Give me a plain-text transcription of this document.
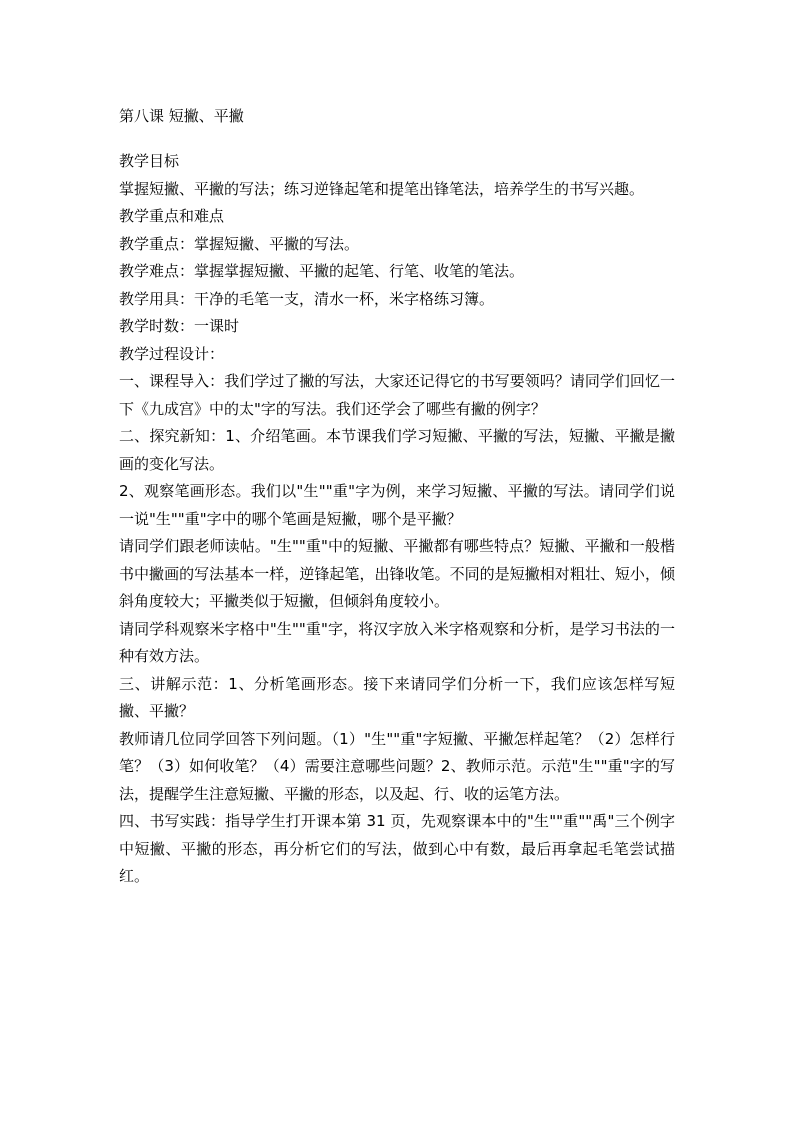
第八课 短撇、平撇

教学目标

掌握短撇、平撇的写法；练习逆锋起笔和提笔出锋笔法，培养学生的书写兴趣。

教学重点和难点

教学重点：掌握短撇、平撇的写法。

教学难点：掌握掌握短撇、平撇的起笔、行笔、收笔的笔法。

教学用具：干净的毛笔一支，清水一杯，米字格练习簿。

教学时数：一课时

教学过程设计：

一、课程导入：我们学过了撇的写法，大家还记得它的书写要领吗？请同学们回忆一下《九成宫》中的太"字的写法。我们还学会了哪些有撇的例字？

二、探究新知：1、介绍笔画。本节课我们学习短撇、平撇的写法，短撇、平撇是撇画的变化写法。

2、观察笔画形态。我们以"生""重"字为例，来学习短撇、平撇的写法。请同学们说一说"生""重"字中的哪个笔画是短撇，哪个是平撇？

请同学们跟老师读帖。"生""重"中的短撇、平撇都有哪些特点？短撇、平撇和一般楷书中撇画的写法基本一样，逆锋起笔，出锋收笔。不同的是短撇相对粗壮、短小，倾斜角度较大；平撇类似于短撇，但倾斜角度较小。

请同学科观察米字格中"生""重"字，将汉字放入米字格观察和分析，是学习书法的一种有效方法。

三、讲解示范：1、分析笔画形态。接下来请同学们分析一下，我们应该怎样写短撇、平撇？

教师请几位同学回答下列问题。（1）"生""重"字短撇、平撇怎样起笔？（2）怎样行笔？（3）如何收笔？（4）需要注意哪些问题？2、教师示范。示范"生""重"字的写法，提醒学生注意短撇、平撇的形态，以及起、行、收的运笔方法。

四、书写实践：指导学生打开课本第 31 页，先观察课本中的"生""重""禹"三个例字中短撇、平撇的形态，再分析它们的写法，做到心中有数，最后再拿起毛笔尝试描红。
